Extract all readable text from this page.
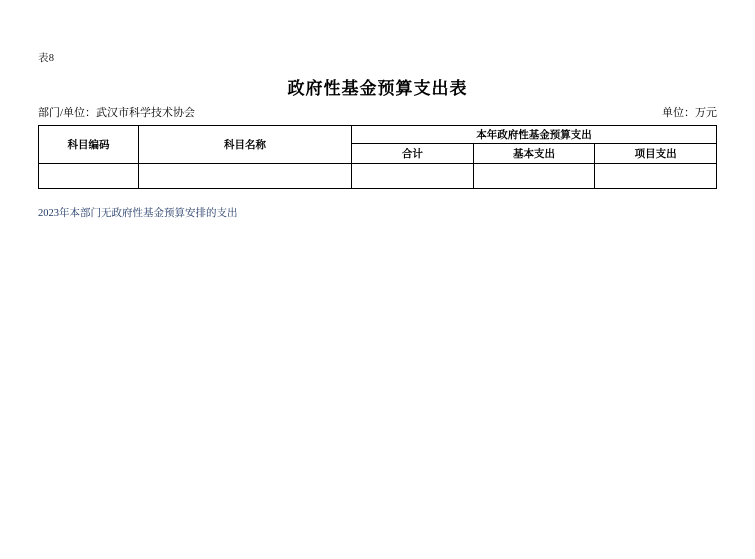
表8
政府性基金预算支出表
部门/单位：武汉市科学技术协会	单位：万元
科目编码	科目名称	本年政府性基金预算支出		
		合计	基本支出	项目支出

2023年本部门无政府性基金预算安排的支出
